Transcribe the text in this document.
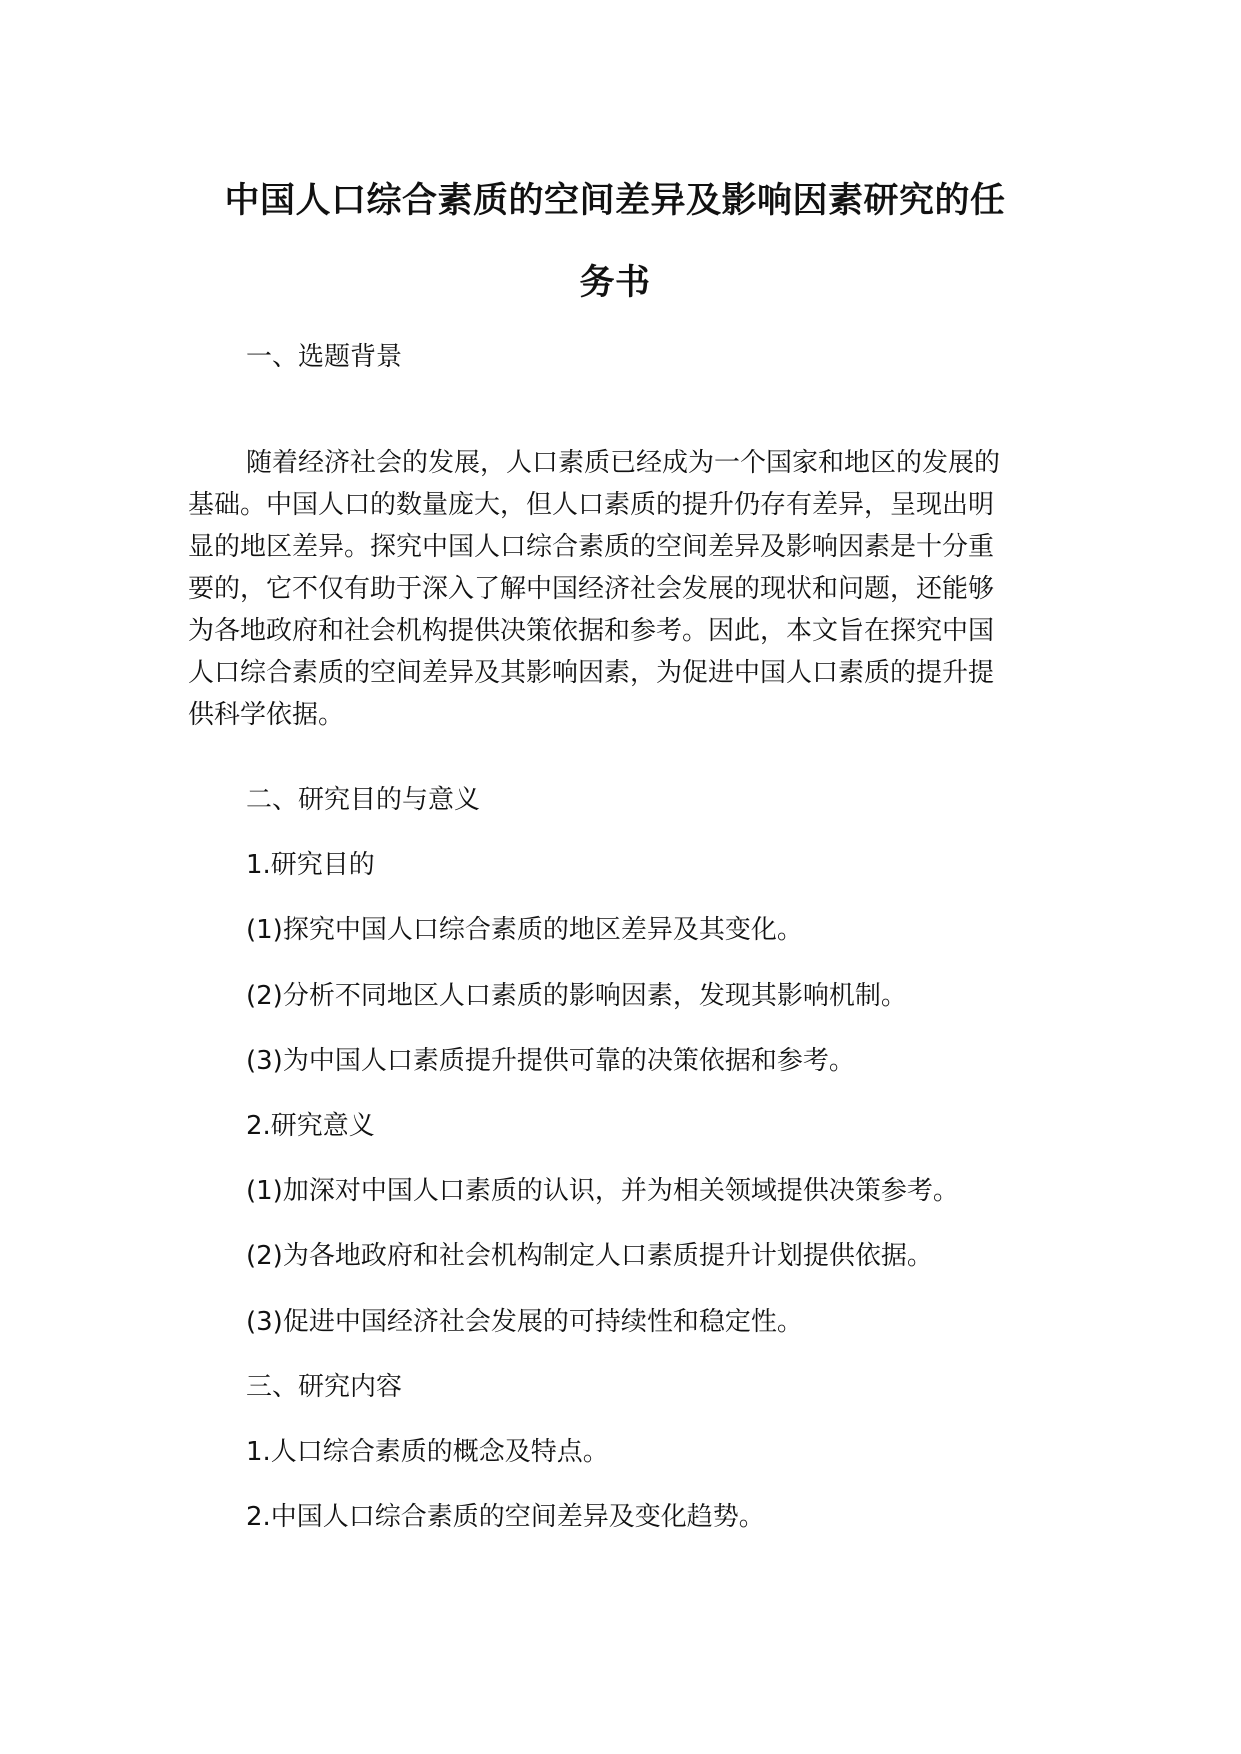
中国人口综合素质的空间差异及影响因素研究的任
务书

一、选题背景

随着经济社会的发展，人口素质已经成为一个国家和地区的发展的

基础。中国人口的数量庞大，但人口素质的提升仍存有差异，呈现出明

显的地区差异。探究中国人口综合素质的空间差异及影响因素是十分重

要的，它不仅有助于深入了解中国经济社会发展的现状和问题，还能够

为各地政府和社会机构提供决策依据和参考。因此，本文旨在探究中国

人口综合素质的空间差异及其影响因素，为促进中国人口素质的提升提

供科学依据。

二、研究目的与意义

1.研究目的

(1)探究中国人口综合素质的地区差异及其变化。

(2)分析不同地区人口素质的影响因素，发现其影响机制。

(3)为中国人口素质提升提供可靠的决策依据和参考。

2.研究意义

(1)加深对中国人口素质的认识，并为相关领域提供决策参考。

(2)为各地政府和社会机构制定人口素质提升计划提供依据。

(3)促进中国经济社会发展的可持续性和稳定性。

三、研究内容

1.人口综合素质的概念及特点。

2.中国人口综合素质的空间差异及变化趋势。
